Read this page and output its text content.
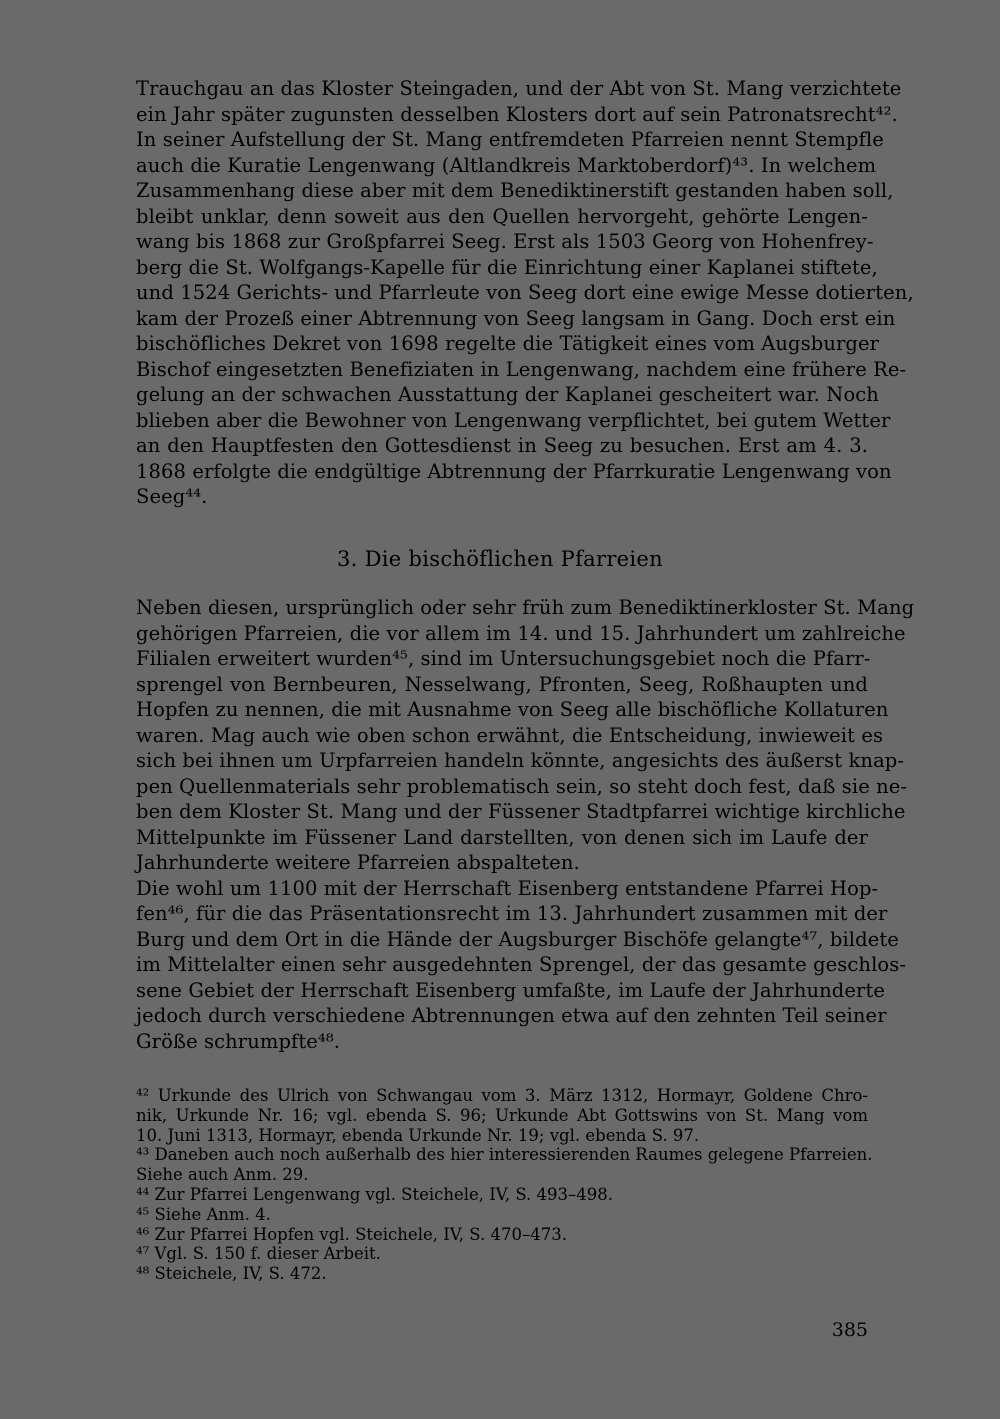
Trauchgau an das Kloster Steingaden, und der Abt von St. Mang verzichtete
ein Jahr später zugunsten desselben Klosters dort auf sein Patronatsrecht⁴².
In seiner Aufstellung der St. Mang entfremdeten Pfarreien nennt Stempfle
auch die Kuratie Lengenwang (Altlandkreis Marktoberdorf)⁴³. In welchem
Zusammenhang diese aber mit dem Benediktinerstift gestanden haben soll,
bleibt unklar, denn soweit aus den Quellen hervorgeht, gehörte Lengen-
wang bis 1868 zur Großpfarrei Seeg. Erst als 1503 Georg von Hohenfrey-
berg die St. Wolfgangs-Kapelle für die Einrichtung einer Kaplanei stiftete,
und 1524 Gerichts- und Pfarrleute von Seeg dort eine ewige Messe dotierten,
kam der Prozeß einer Abtrennung von Seeg langsam in Gang. Doch erst ein
bischöfliches Dekret von 1698 regelte die Tätigkeit eines vom Augsburger
Bischof eingesetzten Benefiziaten in Lengenwang, nachdem eine frühere Re-
gelung an der schwachen Ausstattung der Kaplanei gescheitert war. Noch
blieben aber die Bewohner von Lengenwang verpflichtet, bei gutem Wetter
an den Hauptfesten den Gottesdienst in Seeg zu besuchen. Erst am 4. 3.
1868 erfolgte die endgültige Abtrennung der Pfarrkuratie Lengenwang von
Seeg⁴⁴.
3. Die bischöflichen Pfarreien
Neben diesen, ursprünglich oder sehr früh zum Benediktinerkloster St. Mang
gehörigen Pfarreien, die vor allem im 14. und 15. Jahrhundert um zahlreiche
Filialen erweitert wurden⁴⁵, sind im Untersuchungsgebiet noch die Pfarr-
sprengel von Bernbeuren, Nesselwang, Pfronten, Seeg, Roßhaupten und
Hopfen zu nennen, die mit Ausnahme von Seeg alle bischöfliche Kollaturen
waren. Mag auch wie oben schon erwähnt, die Entscheidung, inwieweit es
sich bei ihnen um Urpfarreien handeln könnte, angesichts des äußerst knap-
pen Quellenmaterials sehr problematisch sein, so steht doch fest, daß sie ne-
ben dem Kloster St. Mang und der Füssener Stadtpfarrei wichtige kirchliche
Mittelpunkte im Füssener Land darstellten, von denen sich im Laufe der
Jahrhunderte weitere Pfarreien abspalteten.
Die wohl um 1100 mit der Herrschaft Eisenberg entstandene Pfarrei Hop-
fen⁴⁶, für die das Präsentationsrecht im 13. Jahrhundert zusammen mit der
Burg und dem Ort in die Hände der Augsburger Bischöfe gelangte⁴⁷, bildete
im Mittelalter einen sehr ausgedehnten Sprengel, der das gesamte geschlos-
sene Gebiet der Herrschaft Eisenberg umfaßte, im Laufe der Jahrhunderte
jedoch durch verschiedene Abtrennungen etwa auf den zehnten Teil seiner
Größe schrumpfte⁴⁸.
⁴² Urkunde des Ulrich von Schwangau vom 3. März 1312, Hormayr, Goldene Chro-
nik, Urkunde Nr. 16; vgl. ebenda S. 96; Urkunde Abt Gottswins von St. Mang vom
10. Juni 1313, Hormayr, ebenda Urkunde Nr. 19; vgl. ebenda S. 97.
⁴³ Daneben auch noch außerhalb des hier interessierenden Raumes gelegene Pfarreien.
Siehe auch Anm. 29.
⁴⁴ Zur Pfarrei Lengenwang vgl. Steichele, IV, S. 493–498.
⁴⁵ Siehe Anm. 4.
⁴⁶ Zur Pfarrei Hopfen vgl. Steichele, IV, S. 470–473.
⁴⁷ Vgl. S. 150 f. dieser Arbeit.
⁴⁸ Steichele, IV, S. 472.
385
